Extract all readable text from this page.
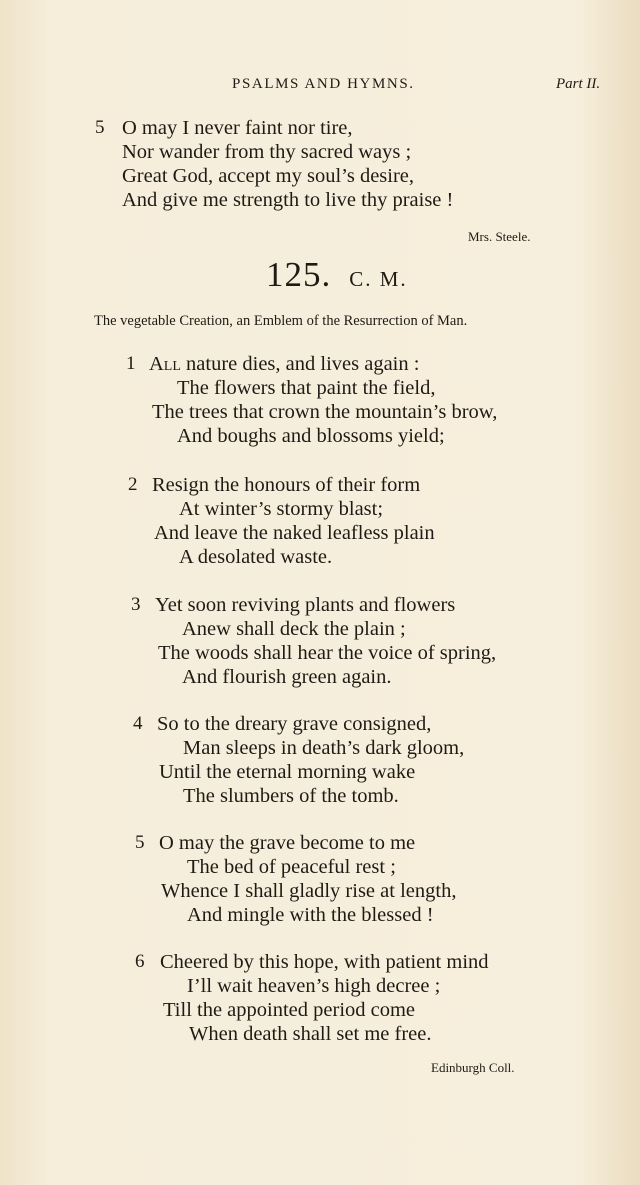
PSALMS AND HYMNS.	Part II.
5 O may I never faint nor tire,
Nor wander from thy sacred ways ;
Great God, accept my soul’s desire,
And give me strength to live thy praise !
Mrs. Steele.
125. C. M.
The vegetable Creation, an Emblem of the Resurrection of Man.
1 All nature dies, and lives again :
The flowers that paint the field,
The trees that crown the mountain’s brow,
And boughs and blossoms yield;
2 Resign the honours of their form
At winter’s stormy blast;
And leave the naked leafless plain
A desolated waste.
3 Yet soon reviving plants and flowers
Anew shall deck the plain ;
The woods shall hear the voice of spring,
And flourish green again.
4 So to the dreary grave consigned,
Man sleeps in death’s dark gloom,
Until the eternal morning wake
The slumbers of the tomb.
5 O may the grave become to me
The bed of peaceful rest ;
Whence I shall gladly rise at length,
And mingle with the blessed !
6 Cheered by this hope, with patient mind
I’ll wait heaven’s high decree ;
Till the appointed period come
When death shall set me free.
Edinburgh Coll.
